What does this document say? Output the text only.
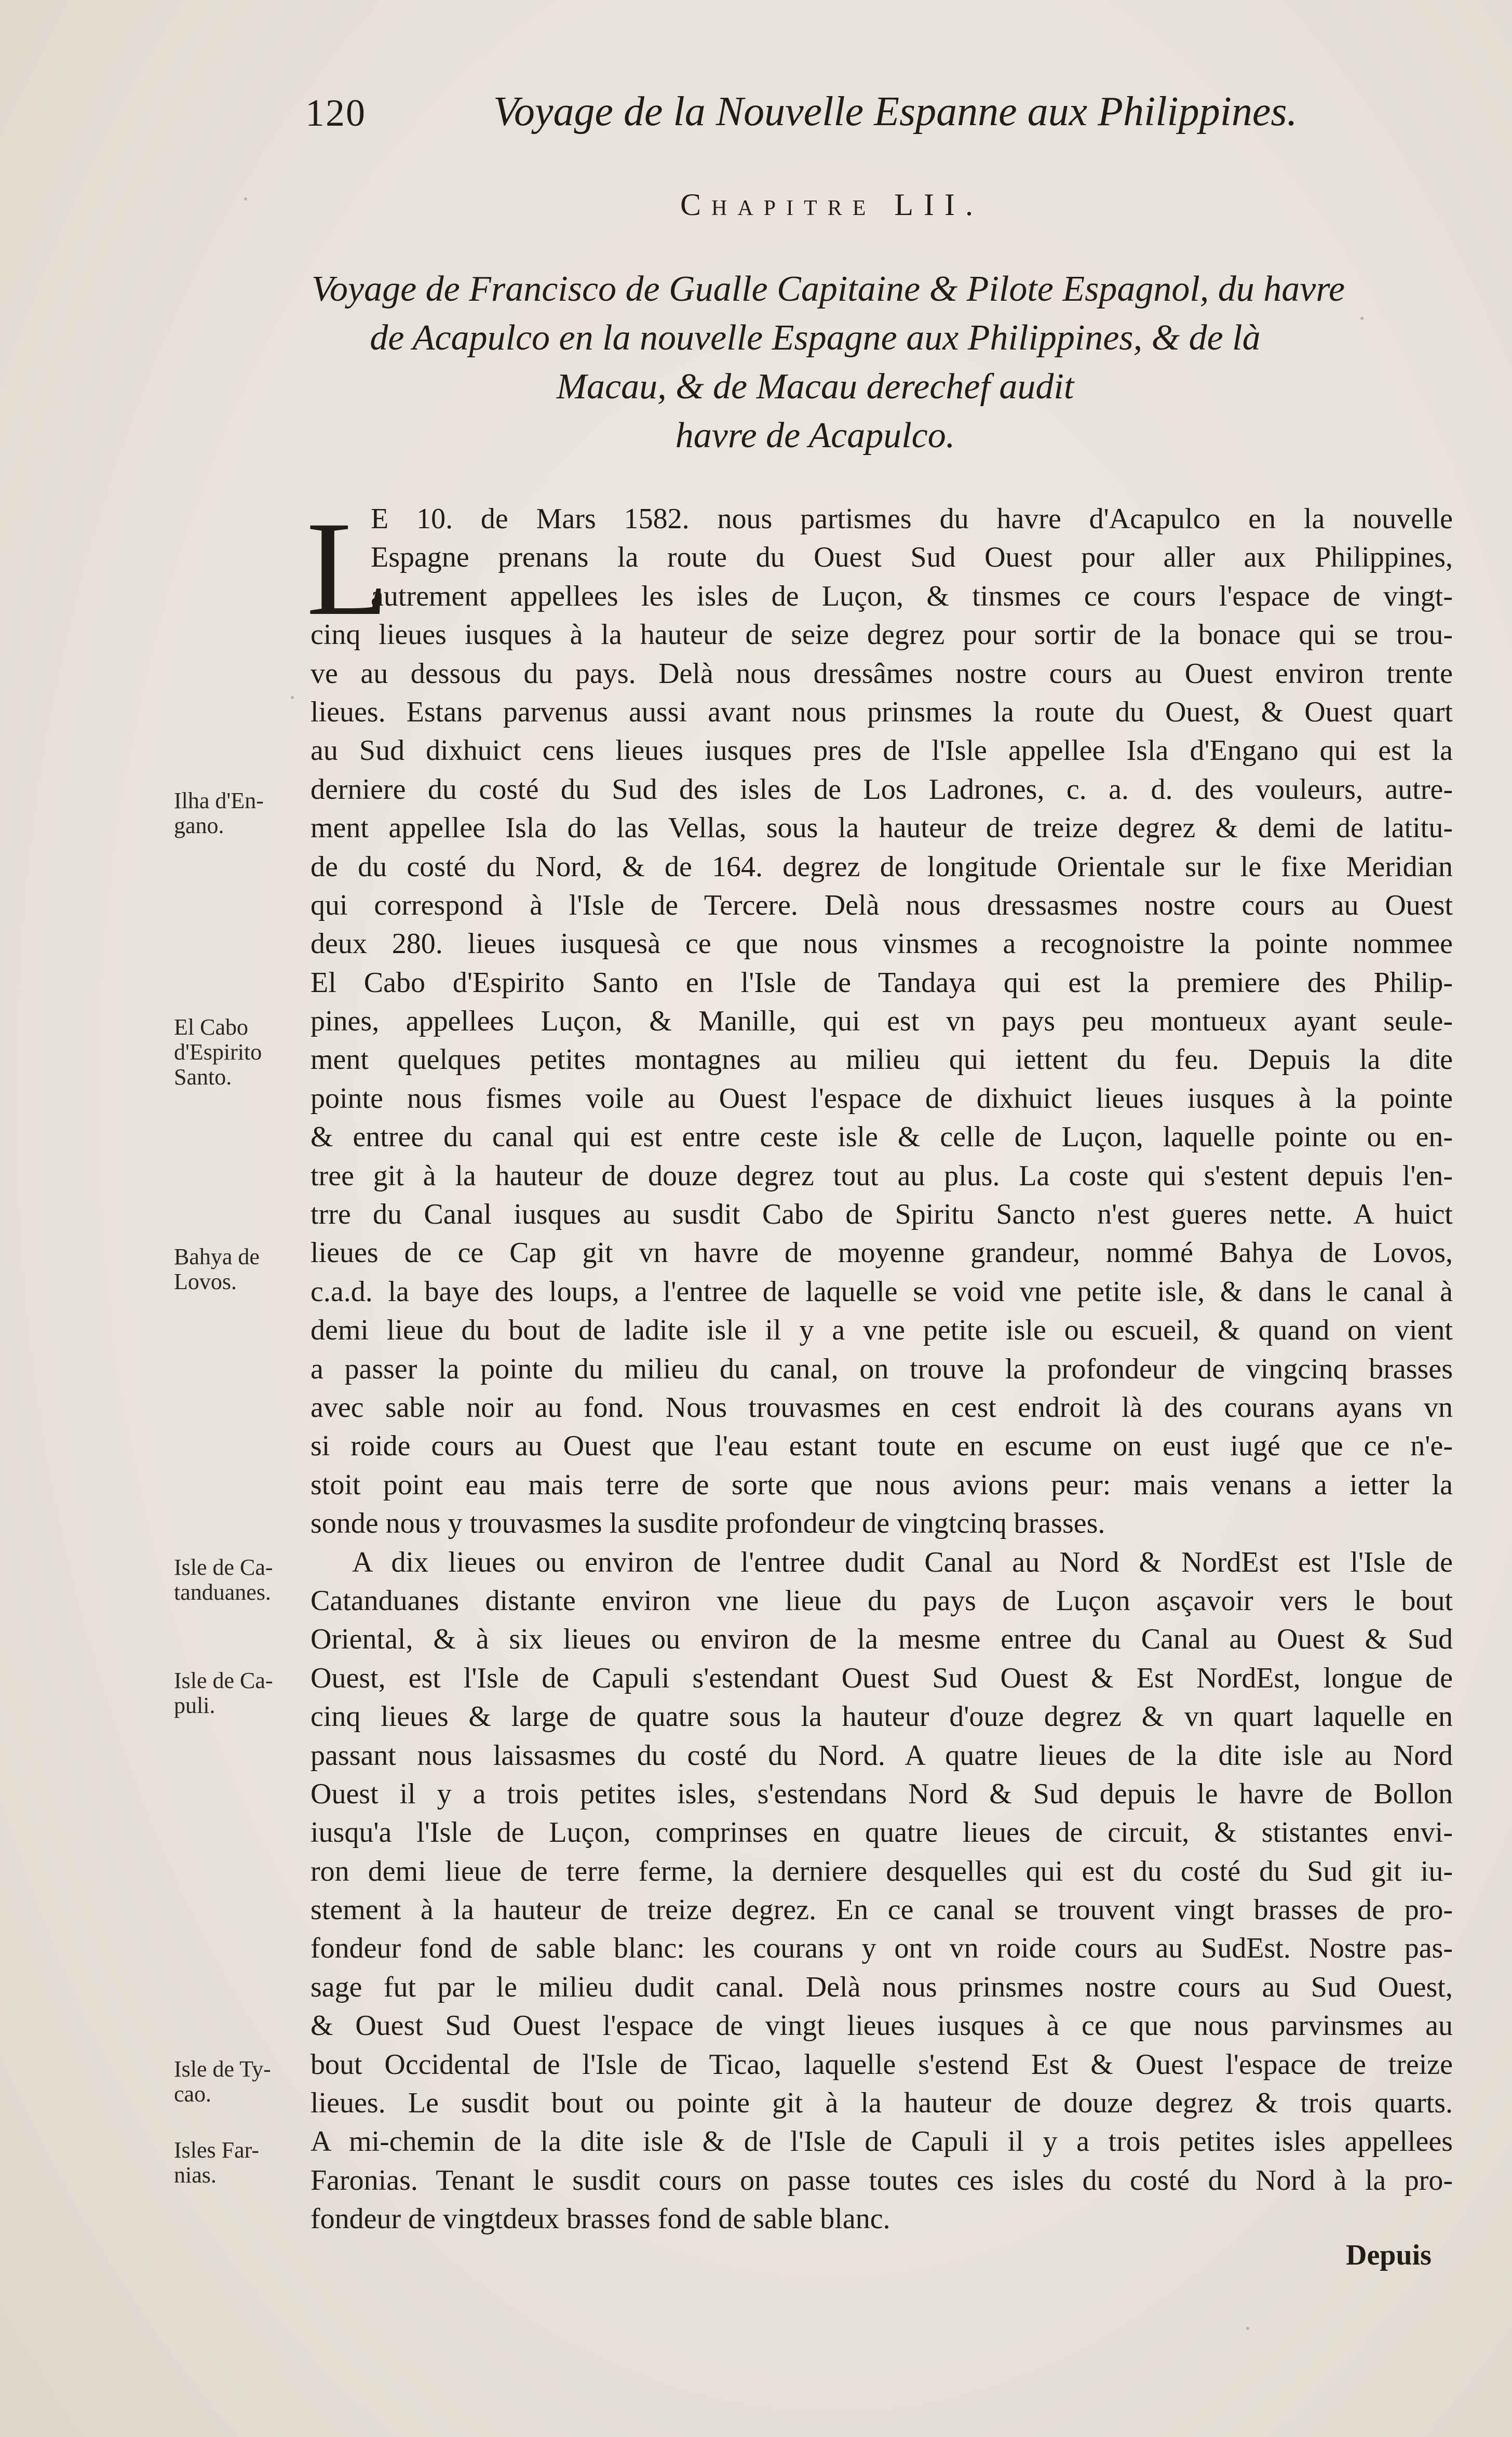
120	Voyage de la Nouvelle Espanne aux Philippines.
Chapitre LII.
Voyage de Francisco de Gualle Capitaine & Pilote Espagnol, du havre
de Acapulco en la nouvelle Espagne aux Philippines, & de là
Macau, & de Macau derechef audit
havre de Acapulco.
L
E 10. de Mars 1582. nous partismes du havre d'Acapulco en la nouvelle
Espagne prenans la route du Ouest Sud Ouest pour aller aux Philippines,
autrement appellees les isles de Luçon, & tinsmes ce cours l'espace de vingt-
cinq lieues iusques à la hauteur de seize degrez pour sortir de la bonace qui se trou-
ve au dessous du pays. Delà nous dressâmes nostre cours au Ouest environ trente
lieues. Estans parvenus aussi avant nous prinsmes la route du Ouest, & Ouest quart
au Sud dixhuict cens lieues iusques pres de l'Isle appellee Isla d'Engano qui est la
derniere du costé du Sud des isles de Los Ladrones, c. a. d. des vouleurs, autre-
ment appellee Isla do las Vellas, sous la hauteur de treize degrez & demi de latitu-
de du costé du Nord, & de 164. degrez de longitude Orientale sur le fixe Meridian
qui correspond à l'Isle de Tercere. Delà nous dressasmes nostre cours au Ouest
deux 280. lieues iusquesà ce que nous vinsmes a recognoistre la pointe nommee
El Cabo d'Espirito Santo en l'Isle de Tandaya qui est la premiere des Philip-
pines, appellees Luçon, & Manille, qui est vn pays peu montueux ayant seule-
ment quelques petites montagnes au milieu qui iettent du feu. Depuis la dite
pointe nous fismes voile au Ouest l'espace de dixhuict lieues iusques à la pointe
& entree du canal qui est entre ceste isle & celle de Luçon, laquelle pointe ou en-
tree git à la hauteur de douze degrez tout au plus. La coste qui s'estent depuis l'en-
trre du Canal iusques au susdit Cabo de Spiritu Sancto n'est gueres nette. A huict
lieues de ce Cap git vn havre de moyenne grandeur, nommé Bahya de Lovos,
c.a.d. la baye des loups, a l'entree de laquelle se void vne petite isle, & dans le canal à
demi lieue du bout de ladite isle il y a vne petite isle ou escueil, & quand on vient
a passer la pointe du milieu du canal, on trouve la profondeur de vingcinq brasses
avec sable noir au fond. Nous trouvasmes en cest endroit là des courans ayans vn
si roide cours au Ouest que l'eau estant toute en escume on eust iugé que ce n'e-
stoit point eau mais terre de sorte que nous avions peur: mais venans a ietter la
sonde nous y trouvasmes la susdite profondeur de vingtcinq brasses.
A dix lieues ou environ de l'entree dudit Canal au Nord & NordEst est l'Isle de
Catanduanes distante environ vne lieue du pays de Luçon asçavoir vers le bout
Oriental, & à six lieues ou environ de la mesme entree du Canal au Ouest & Sud
Ouest, est l'Isle de Capuli s'estendant Ouest Sud Ouest & Est NordEst, longue de
cinq lieues & large de quatre sous la hauteur d'ouze degrez & vn quart laquelle en
passant nous laissasmes du costé du Nord. A quatre lieues de la dite isle au Nord
Ouest il y a trois petites isles, s'estendans Nord & Sud depuis le havre de Bollon
iusqu'a l'Isle de Luçon, comprinses en quatre lieues de circuit, & stistantes envi-
ron demi lieue de terre ferme, la derniere desquelles qui est du costé du Sud git iu-
stement à la hauteur de treize degrez. En ce canal se trouvent vingt brasses de pro-
fondeur fond de sable blanc: les courans y ont vn roide cours au SudEst. Nostre pas-
sage fut par le milieu dudit canal. Delà nous prinsmes nostre cours au Sud Ouest,
& Ouest Sud Ouest l'espace de vingt lieues iusques à ce que nous parvinsmes au
bout Occidental de l'Isle de Ticao, laquelle s'estend Est & Ouest l'espace de treize
lieues. Le susdit bout ou pointe git à la hauteur de douze degrez & trois quarts.
A mi-chemin de la dite isle & de l'Isle de Capuli il y a trois petites isles appellees
Faronias. Tenant le susdit cours on passe toutes ces isles du costé du Nord à la pro-
fondeur de vingtdeux brasses fond de sable blanc.
Ilha d'En-
gano.
El Cabo
d'Espirito
Santo.
Bahya de
Lovos.
Isle de Ca-
tanduanes.
Isle de Ca-
puli.
Isle de Ty-
cao.
Isles Far-
nias.
Depuis
